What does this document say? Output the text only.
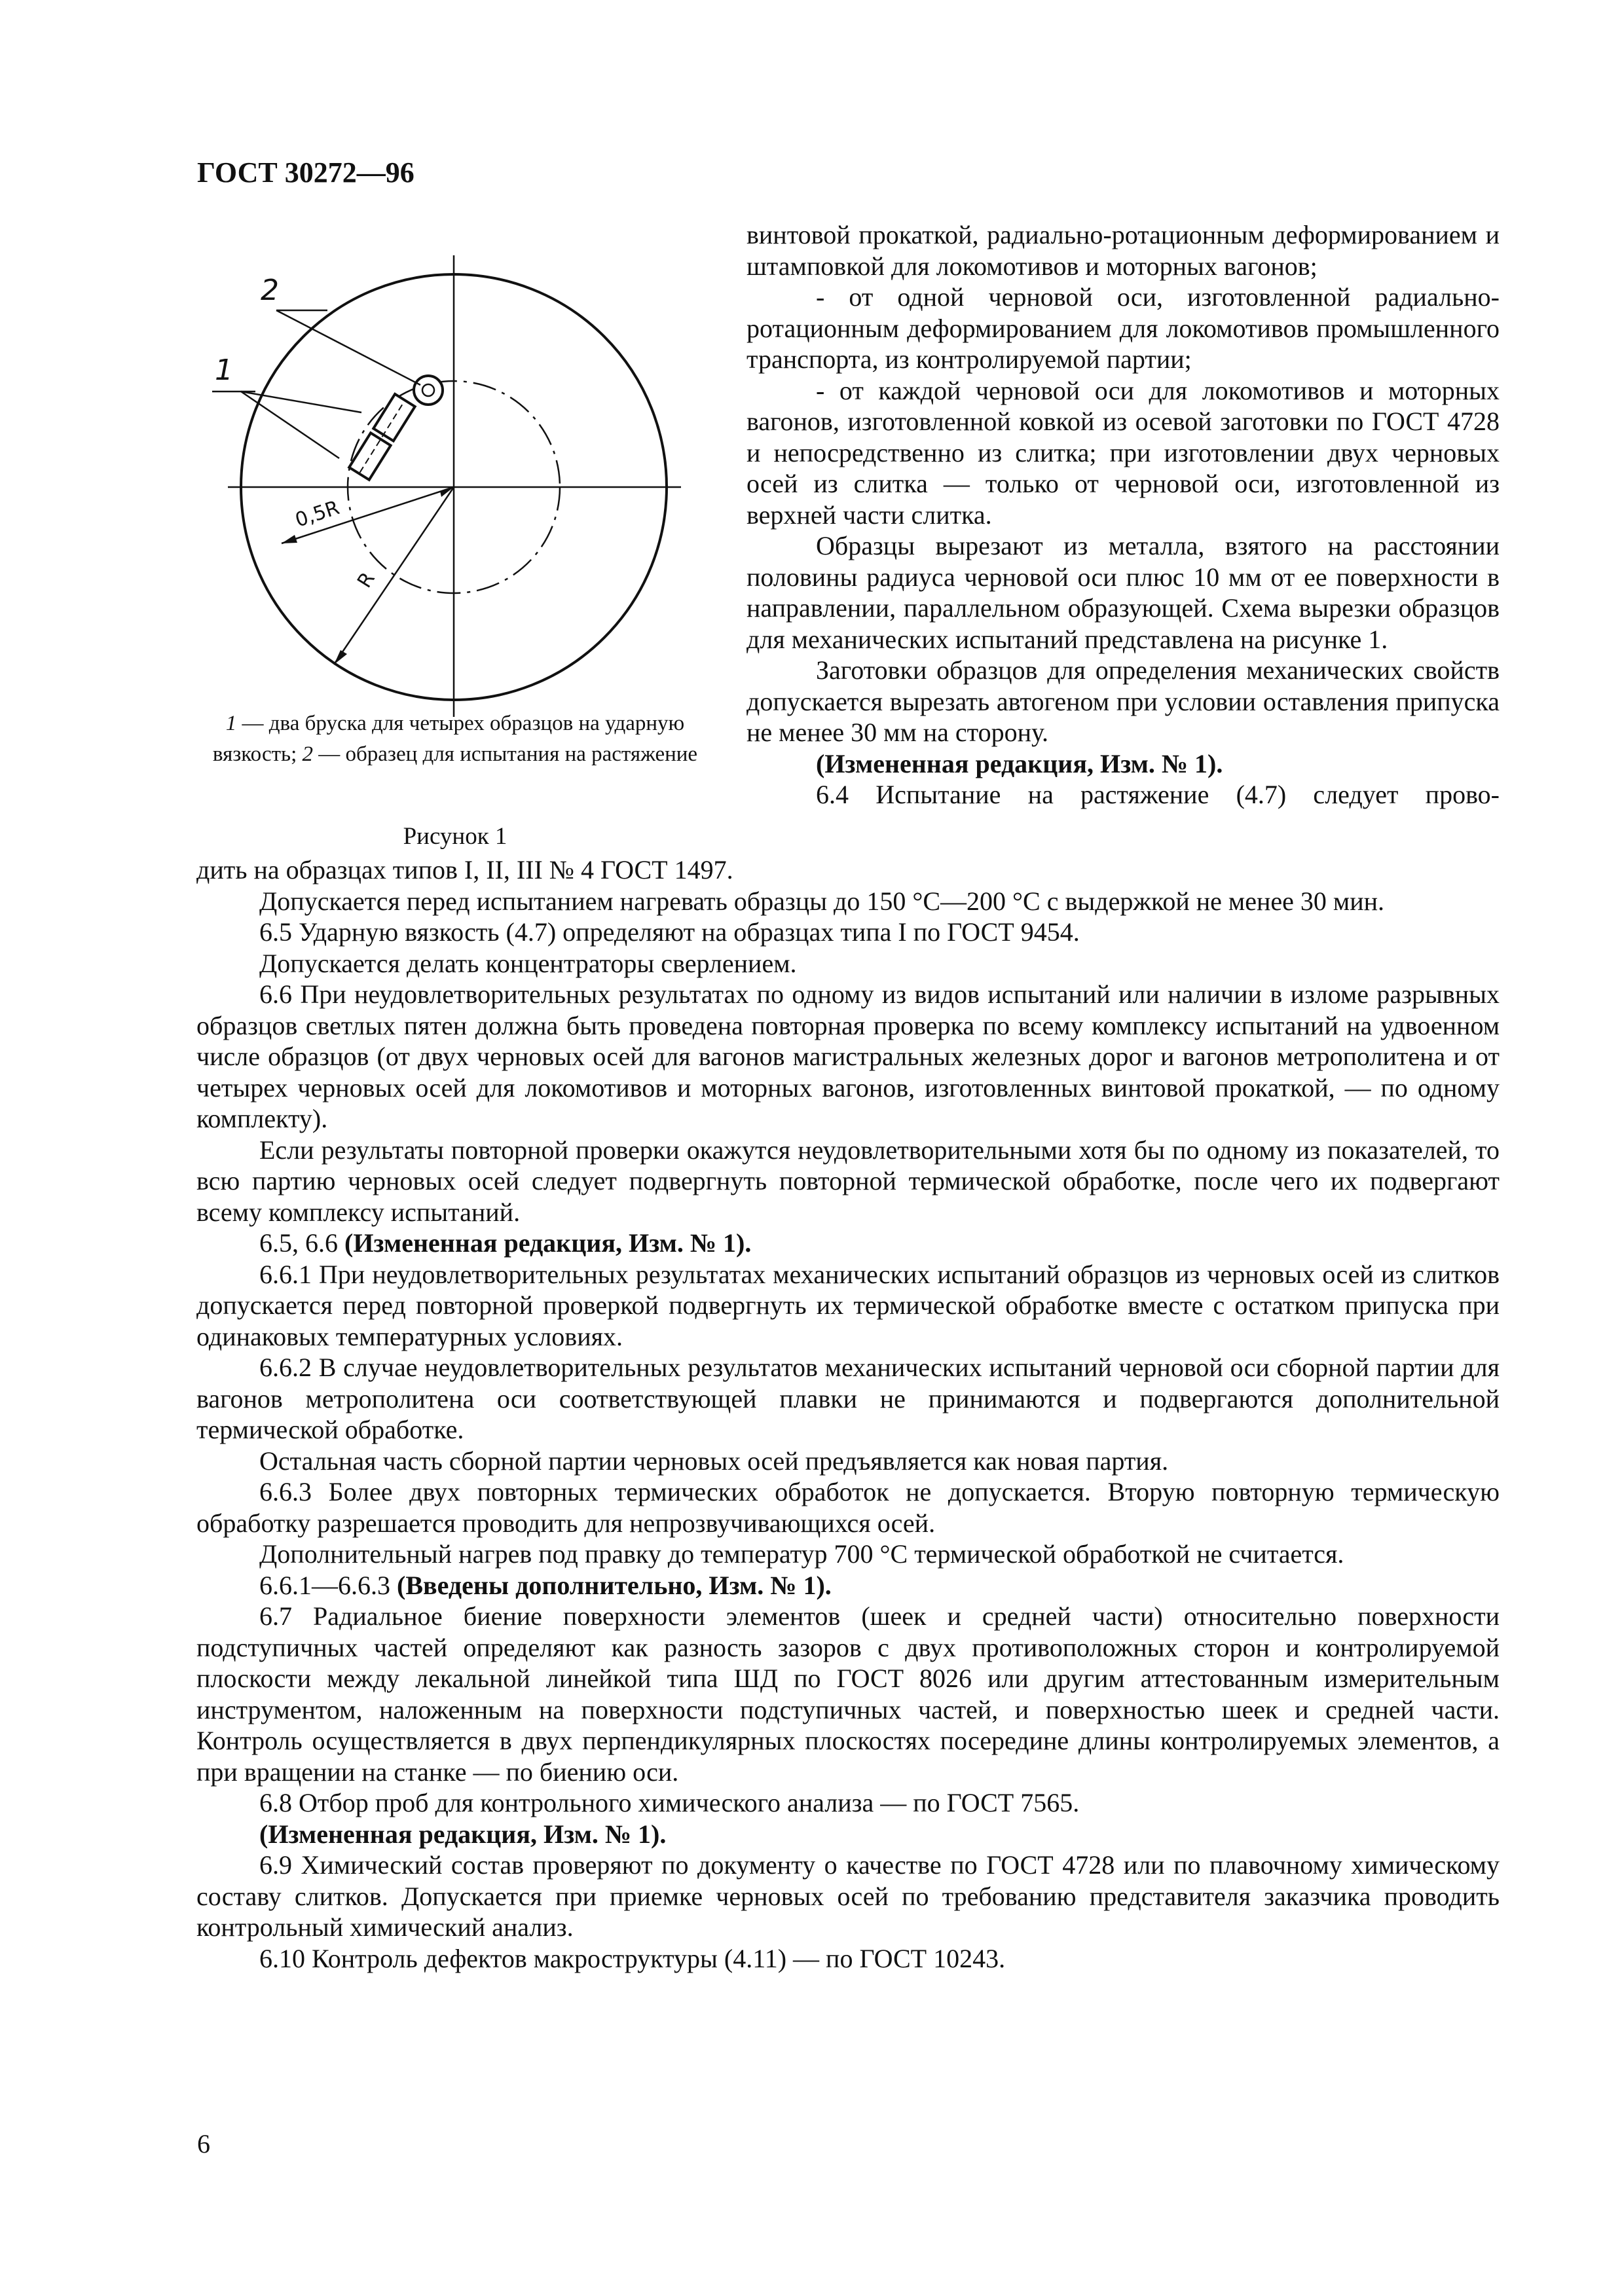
ГОСТ 30272—96
2
1
0,5R
R
1 — два бруска для четырех образцов на ударную вязкость; 2 — образец для испытания на растяжение
Рисунок 1

винтовой прокаткой, радиально-ротационным деформированием и штамповкой для локомотивов и моторных вагонов;

- от одной черновой оси, изготовленной радиально-ротационным деформированием для локомотивов промышленного транспорта, из контролируемой партии;

- от каждой черновой оси для локомотивов и моторных вагонов, изготовленной ковкой из осевой заготовки по ГОСТ 4728 и непосредственно из слитка; при изготовлении двух черновых осей из слитка — только от черновой оси, изготовленной из верхней части слитка.

Образцы вырезают из металла, взятого на расстоянии половины радиуса черновой оси плюс 10 мм от ее поверхности в направлении, параллельном образующей. Схема вырезки образцов для механических испытаний представлена на рисунке 1.

Заготовки образцов для определения механических свойств допускается вырезать автогеном при условии оставления припуска не менее 30 мм на сторону.

(Измененная редакция, Изм. № 1).

6.4 Испытание на растяжение (4.7) следует прово-

дить на образцах типов I, II, III № 4 ГОСТ 1497.

Допускается перед испытанием нагревать образцы до 150 °С—200 °С с выдержкой не менее 30 мин.

6.5 Ударную вязкость (4.7) определяют на образцах типа I по ГОСТ 9454.

Допускается делать концентраторы сверлением.

6.6 При неудовлетворительных результатах по одному из видов испытаний или наличии в изломе разрывных образцов светлых пятен должна быть проведена повторная проверка по всему комплексу испытаний на удвоенном числе образцов (от двух черновых осей для вагонов магистральных железных дорог и вагонов метрополитена и от четырех черновых осей для локомотивов и моторных вагонов, изготовленных винтовой прокаткой, — по одному комплекту).

Если результаты повторной проверки окажутся неудовлетворительными хотя бы по одному из показателей, то всю партию черновых осей следует подвергнуть повторной термической обработке, после чего их подвергают всему комплексу испытаний.

6.5, 6.6 (Измененная редакция, Изм. № 1).

6.6.1 При неудовлетворительных результатах механических испытаний образцов из черновых осей из слитков допускается перед повторной проверкой подвергнуть их термической обработке вместе с остатком припуска при одинаковых температурных условиях.

6.6.2 В случае неудовлетворительных результатов механических испытаний черновой оси сборной партии для вагонов метрополитена оси соответствующей плавки не принимаются и подвергаются дополнительной термической обработке.

Остальная часть сборной партии черновых осей предъявляется как новая партия.

6.6.3 Более двух повторных термических обработок не допускается. Вторую повторную термическую обработку разрешается проводить для непрозвучивающихся осей.

Дополнительный нагрев под правку до температур 700 °С термической обработкой не считается.

6.6.1—6.6.3 (Введены дополнительно, Изм. № 1).

6.7 Радиальное биение поверхности элементов (шеек и средней части) относительно поверхности подступичных частей определяют как разность зазоров с двух противоположных сторон и контролируемой плоскости между лекальной линейкой типа ШД по ГОСТ 8026 или другим аттестованным измерительным инструментом, наложенным на поверхности подступичных частей, и поверхностью шеек и средней части. Контроль осуществляется в двух перпендикулярных плоскостях посередине длины контролируемых элементов, а при вращении на станке — по биению оси.

6.8 Отбор проб для контрольного химического анализа — по ГОСТ 7565.

(Измененная редакция, Изм. № 1).

6.9 Химический состав проверяют по документу о качестве по ГОСТ 4728 или по плавочному химическому составу слитков. Допускается при приемке черновых осей по требованию представителя заказчика проводить контрольный химический анализ.

6.10 Контроль дефектов макроструктуры (4.11) — по ГОСТ 10243.

6
